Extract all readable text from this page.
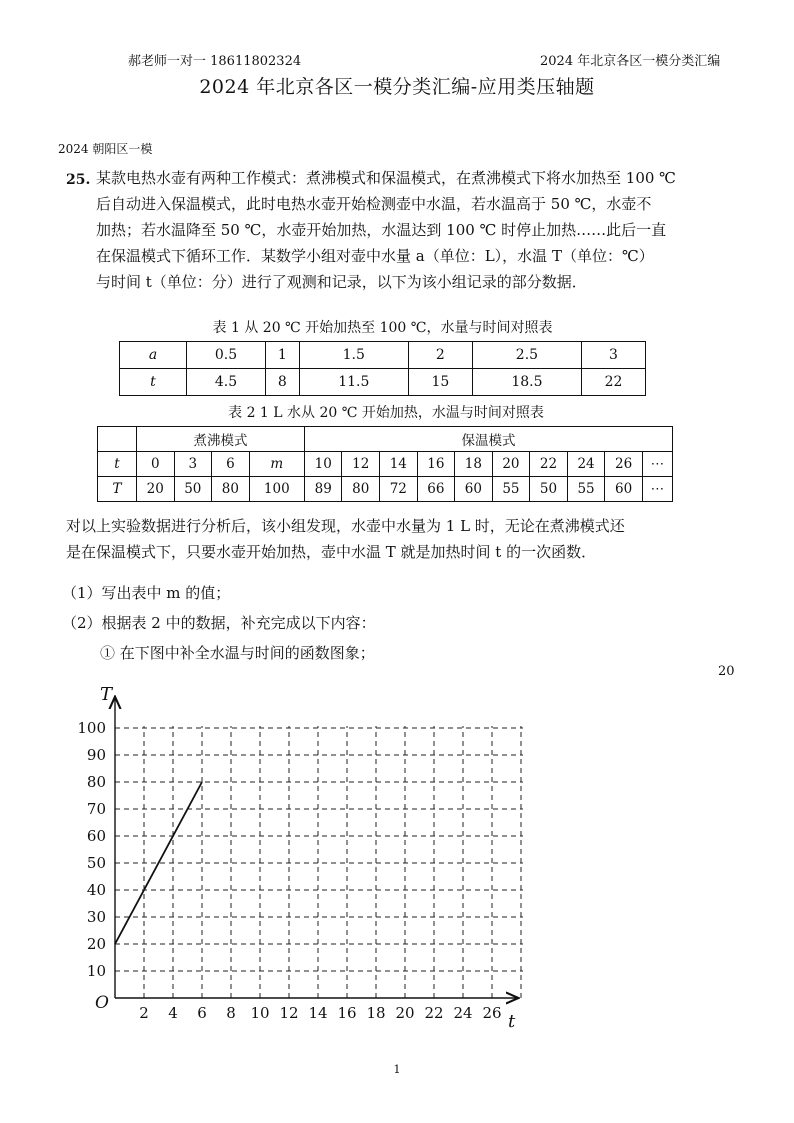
郝老师一对一 18611802324	2024 年北京各区一模分类汇编
2024 年北京各区一模分类汇编-应用类压轴题
2024 朝阳区一模
25. 某款电热水壶有两种工作模式：煮沸模式和保温模式，在煮沸模式下将水加热至 100 ℃
后自动进入保温模式，此时电热水壶开始检测壶中水温，若水温高于 50 ℃，水壶不
加热；若水温降至 50 ℃，水壶开始加热，水温达到 100 ℃ 时停止加热……此后一直
在保温模式下循环工作．某数学小组对壶中水量 a（单位：L），水温 T（单位：℃）
与时间 t（单位：分）进行了观测和记录，以下为该小组记录的部分数据．
表 1 从 20 ℃ 开始加热至 100 ℃，水量与时间对照表
a	0.5	1	1.5	2	2.5	3
t	4.5	8	11.5	15	18.5	22
表 2 1 L 水从 20 ℃ 开始加热，水温与时间对照表
	煮沸模式				保温模式									
t	0	3	6	m	10	12	14	16	18	20	22	24	26	⋯
T	20	50	80	100	89	80	72	66	60	55	50	55	60	⋯
对以上实验数据进行分析后，该小组发现，水壶中水量为 1 L 时，无论在煮沸模式还
是在保温模式下，只要水壶开始加热，壶中水温 T 就是加热时间 t 的一次函数．
（1）写出表中 m 的值；
（2）根据表 2 中的数据，补充完成以下内容：
① 在下图中补全水温与时间的函数图象；
20
2 4 6 8 10 12 14 16 18 20 22 24 26
10
20
30
40
50
60
70
80
90
100
O
t
T
1
